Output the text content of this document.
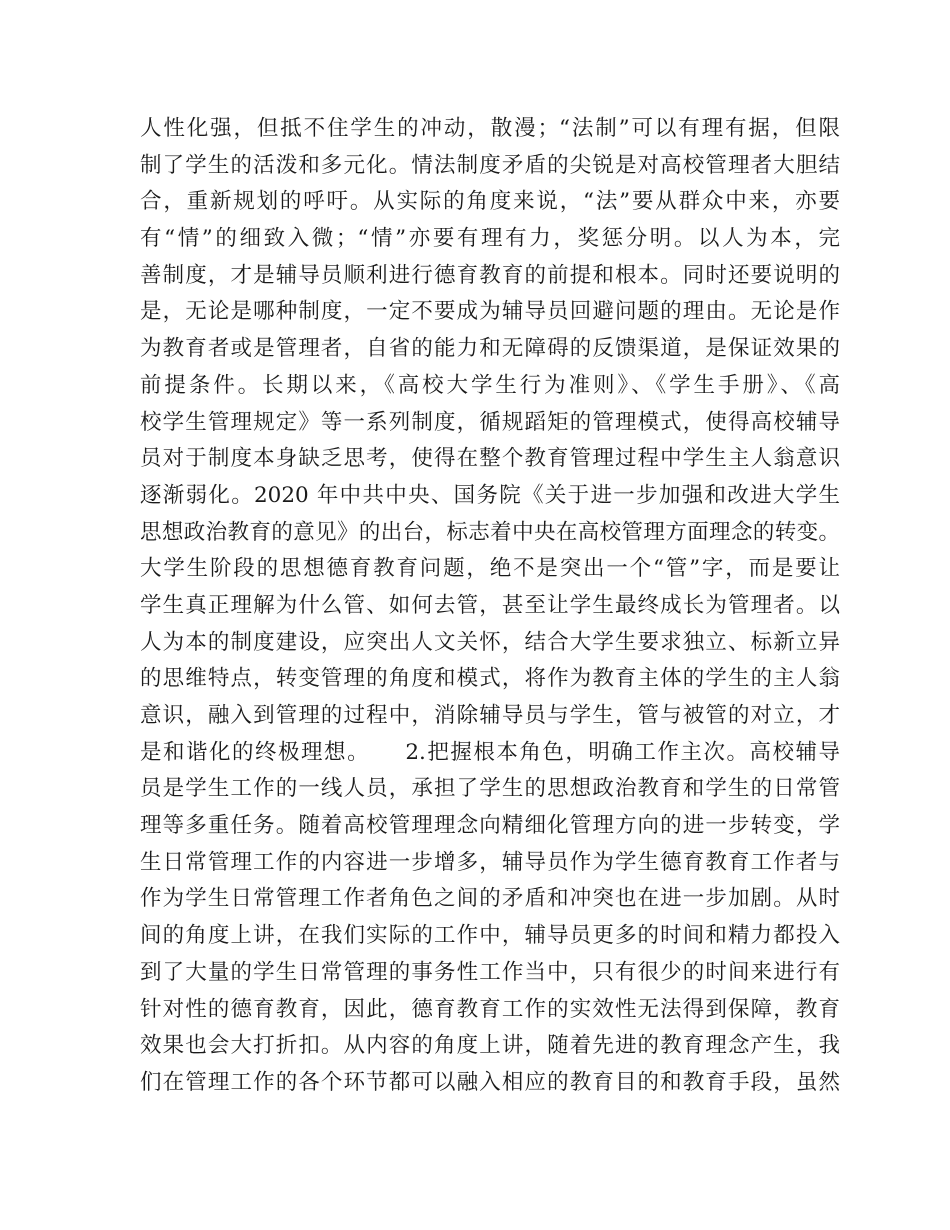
人性化强，但抵不住学生的冲动，散漫；“法制”可以有理有据，但限
制了学生的活泼和多元化。情法制度矛盾的尖锐是对高校管理者大胆结
合，重新规划的呼吁。从实际的角度来说，“法”要从群众中来，亦要
有“情”的细致入微；“情”亦要有理有力，奖惩分明。以人为本，完
善制度，才是辅导员顺利进行德育教育的前提和根本。同时还要说明的
是，无论是哪种制度，一定不要成为辅导员回避问题的理由。无论是作
为教育者或是管理者，自省的能力和无障碍的反馈渠道，是保证效果的
前提条件。长期以来，《高校大学生行为准则》、《学生手册》、《高
校学生管理规定》等一系列制度，循规蹈矩的管理模式，使得高校辅导
员对于制度本身缺乏思考，使得在整个教育管理过程中学生主人翁意识
逐渐弱化。2020 年中共中央、国务院《关于进一步加强和改进大学生
思想政治教育的意见》的出台，标志着中央在高校管理方面理念的转变。
大学生阶段的思想德育教育问题，绝不是突出一个“管”字，而是要让
学生真正理解为什么管、如何去管，甚至让学生最终成长为管理者。以
人为本的制度建设，应突出人文关怀，结合大学生要求独立、标新立异
的思维特点，转变管理的角度和模式，将作为教育主体的学生的主人翁
意识，融入到管理的过程中，消除辅导员与学生，管与被管的对立，才
是和谐化的终极理想。　　2.把握根本角色，明确工作主次。高校辅导
员是学生工作的一线人员，承担了学生的思想政治教育和学生的日常管
理等多重任务。随着高校管理理念向精细化管理方向的进一步转变，学
生日常管理工作的内容进一步增多，辅导员作为学生德育教育工作者与
作为学生日常管理工作者角色之间的矛盾和冲突也在进一步加剧。从时
间的角度上讲，在我们实际的工作中，辅导员更多的时间和精力都投入
到了大量的学生日常管理的事务性工作当中，只有很少的时间来进行有
针对性的德育教育，因此，德育教育工作的实效性无法得到保障，教育
效果也会大打折扣。从内容的角度上讲，随着先进的教育理念产生，我
们在管理工作的各个环节都可以融入相应的教育目的和教育手段，虽然
